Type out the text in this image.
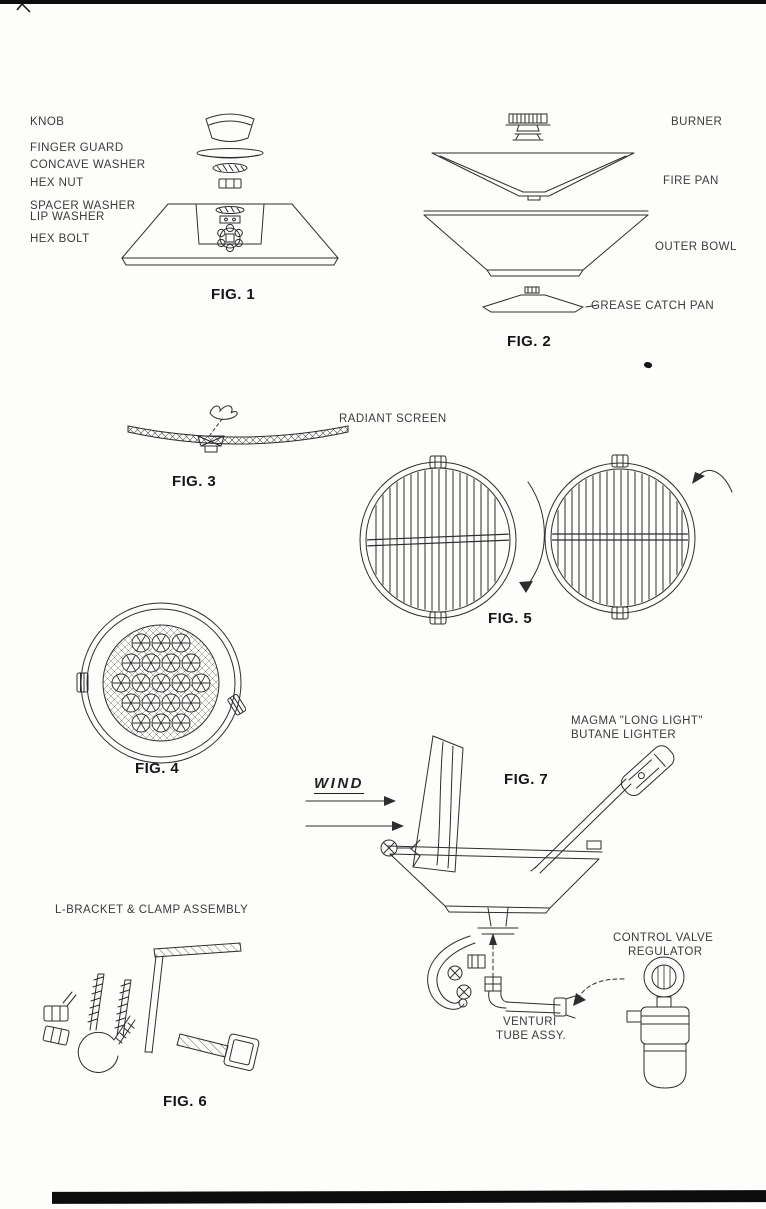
KNOB
FINGER GUARD
CONCAVE WASHER
HEX NUT
SPACER WASHER
LIP WASHER
HEX BOLT
FIG. 1
BURNER
FIRE PAN
OUTER BOWL
GREASE CATCH PAN
FIG. 2
RADIANT SCREEN
FIG. 3
FIG. 5
FIG. 4
MAGMA "LONG LIGHT"
BUTANE LIGHTER
FIG. 7
WIND
CONTROL VALVE
REGULATOR
VENTURI
TUBE ASSY.
L-BRACKET & CLAMP ASSEMBLY
FIG. 6
